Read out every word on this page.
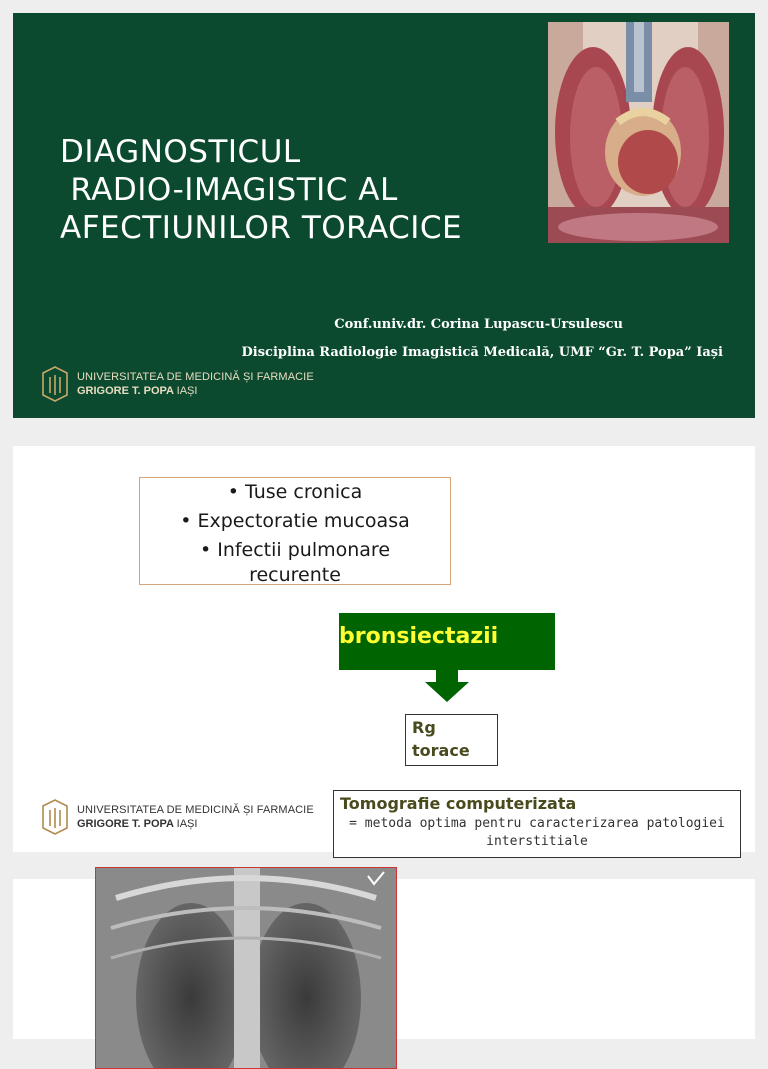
DIAGNOSTICUL
RADIO-IMAGISTIC AL
AFECTIUNILOR TORACICE
Conf.univ.dr. Corina Lupascu-Ursulescu
Disciplina Radiologie Imagistică Medicală, UMF “Gr. T. Popa” Iași
UNIVERSITATEA DE MEDICINĂ ȘI FARMACIE
GRIGORE T. POPA IAȘI
• Tuse cronica
• Expectoratie mucoasa
• Infectii pulmonare
recurente
bronsiectazii
Rg
torace
UNIVERSITATEA DE MEDICINĂ ȘI FARMACIE
GRIGORE T. POPA IAȘI
Tomografie computerizata
= metoda optima pentru caracterizarea patologiei
interstitiale
